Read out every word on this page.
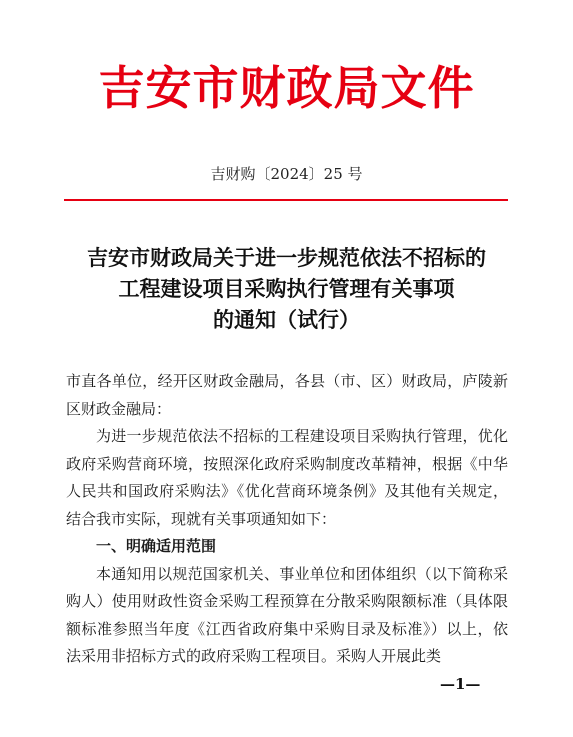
吉安市财政局文件
吉财购〔2024〕25 号
吉安市财政局关于进一步规范依法不招标的
工程建设项目采购执行管理有关事项
的通知（试行）

市直各单位，经开区财政金融局，各县（市、区）财政局，庐陵新区财政金融局：

为进一步规范依法不招标的工程建设项目采购执行管理，优化政府采购营商环境，按照深化政府采购制度改革精神，根据《中华人民共和国政府采购法》《优化营商环境条例》及其他有关规定，结合我市实际，现就有关事项通知如下：

一、明确适用范围

本通知用以规范国家机关、事业单位和团体组织（以下简称采购人）使用财政性资金采购工程预算在分散采购限额标准（具体限额标准参照当年度《江西省政府集中采购目录及标准》）以上，依法采用非招标方式的政府采购工程项目。采购人开展此类

—1—
